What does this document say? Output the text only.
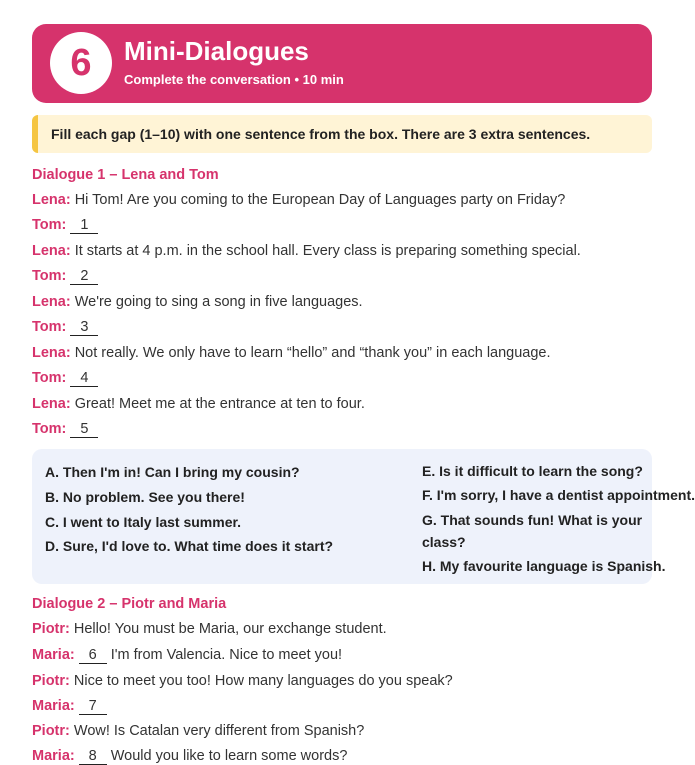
6	Mini-Dialogues
Complete the conversation • 10 min
Fill each gap (1–10) with one sentence from the box. There are 3 extra sentences.
Dialogue 1 – Lena and Tom
Lena: Hi Tom! Are you coming to the European Day of Languages party on Friday?
Tom: 1
Lena: It starts at 4 p.m. in the school hall. Every class is preparing something special.
Tom: 2
Lena: We're going to sing a song in five languages.
Tom: 3
Lena: Not really. We only have to learn “hello” and “thank you” in each language.
Tom: 4
Lena: Great! Meet me at the entrance at ten to four.
Tom: 5
A. Then I'm in! Can I bring my cousin?
B. No problem. See you there!
C. I went to Italy last summer.
D. Sure, I'd love to. What time does it start?
E. Is it difficult to learn the song?
F. I'm sorry, I have a dentist appointment.
G. That sounds fun! What is your
class?
H. My favourite language is Spanish.
Dialogue 2 – Piotr and Maria
Piotr: Hello! You must be Maria, our exchange student.
Maria: 6 I'm from Valencia. Nice to meet you!
Piotr: Nice to meet you too! How many languages do you speak?
Maria: 7
Piotr: Wow! Is Catalan very different from Spanish?
Maria: 8 Would you like to learn some words?
